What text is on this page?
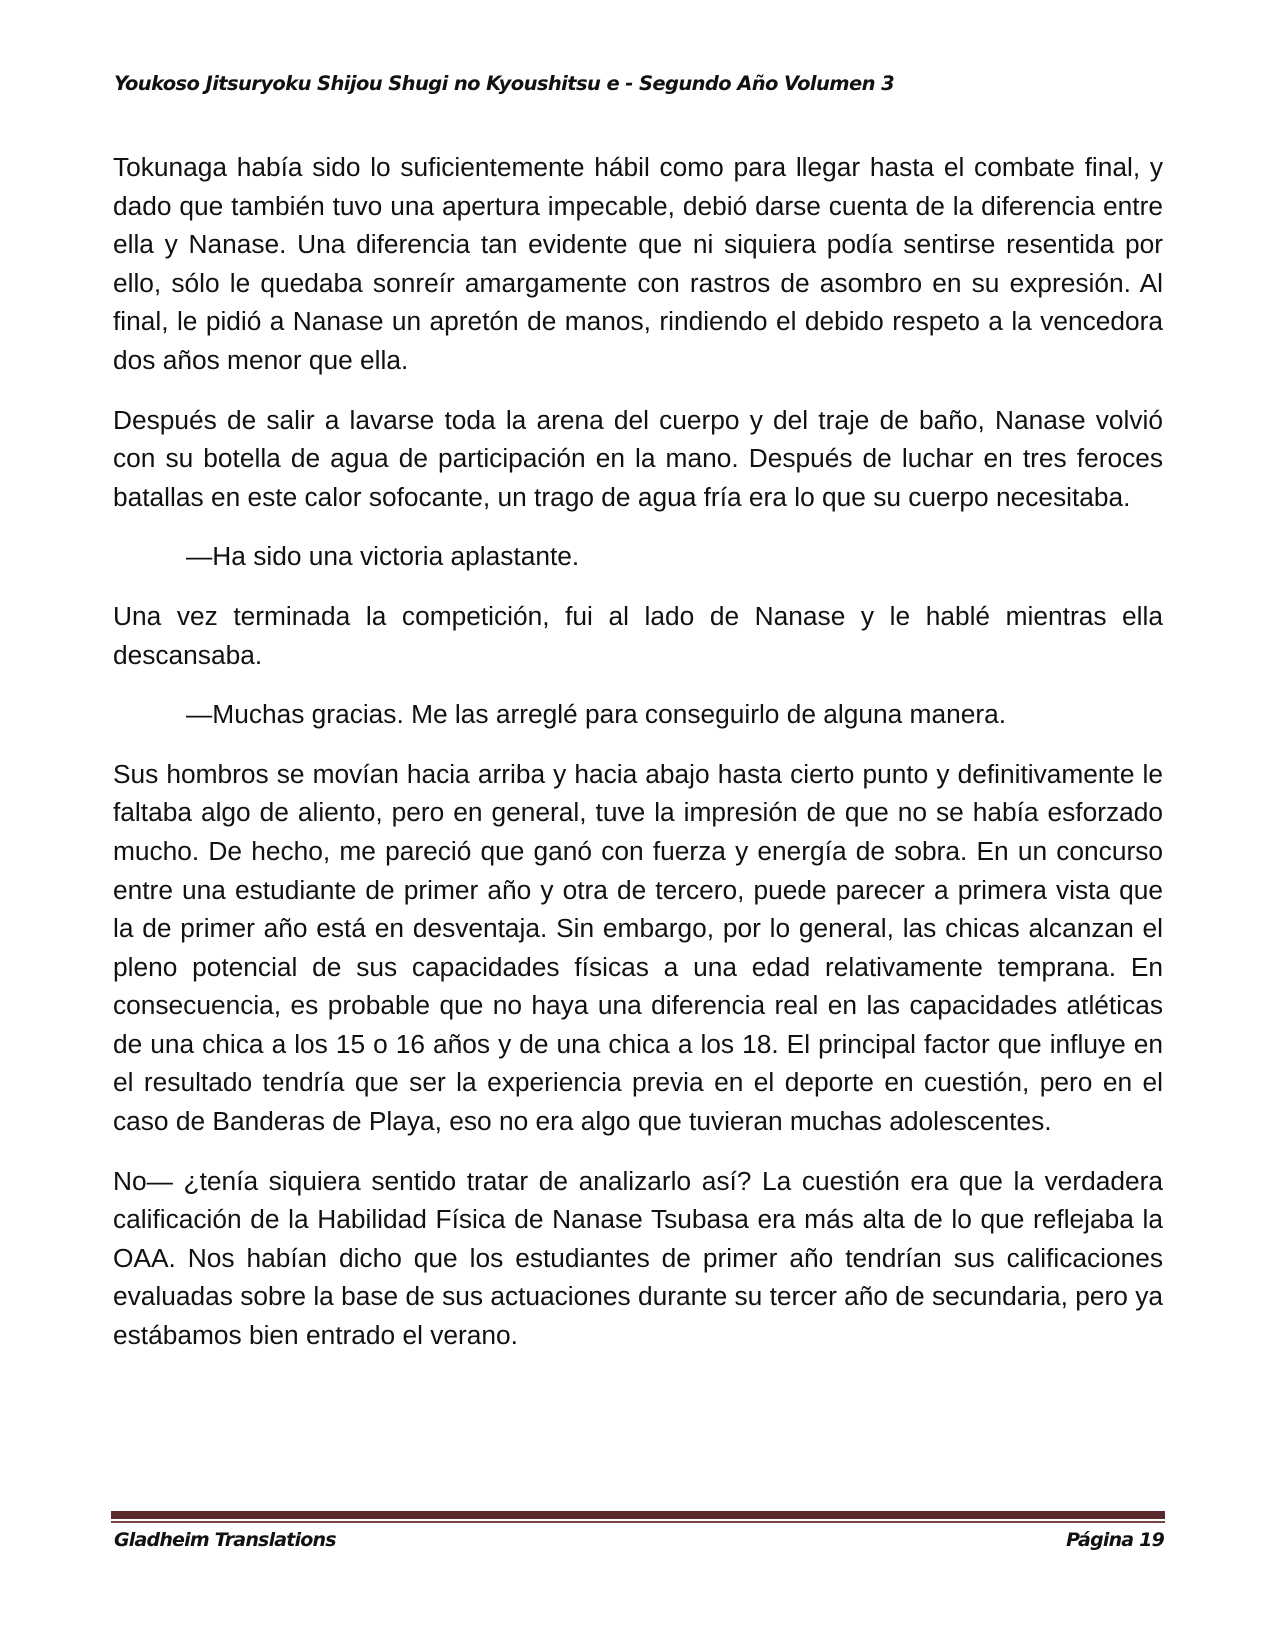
Youkoso Jitsuryoku Shijou Shugi no Kyoushitsu e - Segundo Año Volumen 3

Tokunaga había sido lo suficientemente hábil como para llegar hasta el combate final, y dado que también tuvo una apertura impecable, debió darse cuenta de la diferencia entre ella y Nanase. Una diferencia tan evidente que ni siquiera podía sentirse resentida por ello, sólo le quedaba sonreír amargamente con rastros de asombro en su expresión. Al final, le pidió a Nanase un apretón de manos, rindiendo el debido respeto a la vencedora dos años menor que ella.

Después de salir a lavarse toda la arena del cuerpo y del traje de baño, Nanase volvió con su botella de agua de participación en la mano. Después de luchar en tres feroces batallas en este calor sofocante, un trago de agua fría era lo que su cuerpo necesitaba.

—Ha sido una victoria aplastante.

Una vez terminada la competición, fui al lado de Nanase y le hablé mientras ella descansaba.

—Muchas gracias. Me las arreglé para conseguirlo de alguna manera.

Sus hombros se movían hacia arriba y hacia abajo hasta cierto punto y definitivamente le faltaba algo de aliento, pero en general, tuve la impresión de que no se había esforzado mucho. De hecho, me pareció que ganó con fuerza y energía de sobra. En un concurso entre una estudiante de primer año y otra de tercero, puede parecer a primera vista que la de primer año está en desventaja. Sin embargo, por lo general, las chicas alcanzan el pleno potencial de sus capacidades físicas a una edad relativamente temprana. En consecuencia, es probable que no haya una diferencia real en las capacidades atléticas de una chica a los 15 o 16 años y de una chica a los 18. El principal factor que influye en el resultado tendría que ser la experiencia previa en el deporte en cuestión, pero en el caso de Banderas de Playa, eso no era algo que tuvieran muchas adolescentes.

No— ¿tenía siquiera sentido tratar de analizarlo así? La cuestión era que la verdadera calificación de la Habilidad Física de Nanase Tsubasa era más alta de lo que reflejaba la OAA. Nos habían dicho que los estudiantes de primer año tendrían sus calificaciones evaluadas sobre la base de sus actuaciones durante su tercer año de secundaria, pero ya estábamos bien entrado el verano.

Gladheim Translations	Página 19
